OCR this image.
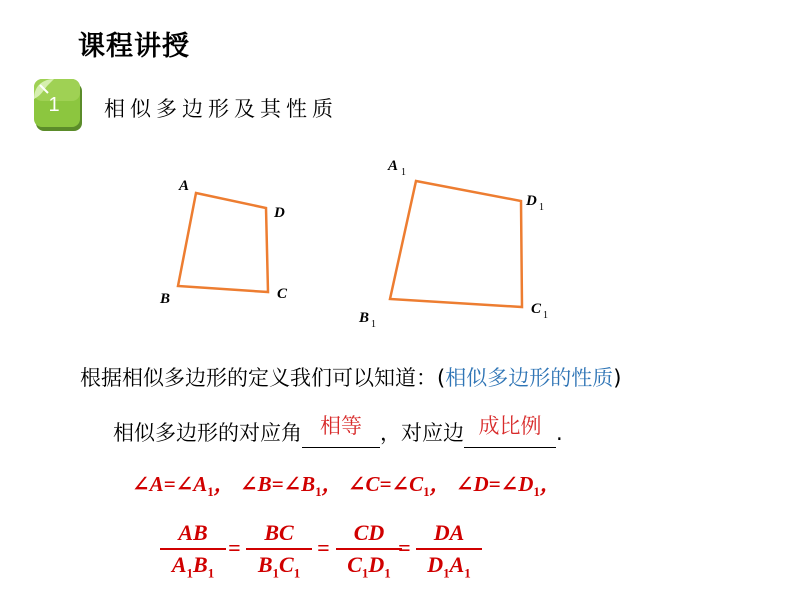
课程讲授
1 相似多边形及其性质
A
D
C
B
A 1
D 1
C 1
B 1
根据相似多边形的定义我们可以知道：(相似多边形的性质)
相似多边形的对应角 相等 ，对应边 成比例 .
$\angle A=\angle A_1$， $\angle B=\angle B_1$， $\angle C=\angle C_1$， $\angle D=\angle D_1$，
$\frac{AB}{A_1B_1} = \frac{BC}{B_1C_1} = \frac{CD}{C_1D_1}$
= $\frac{DA}{D_1A_1}$
